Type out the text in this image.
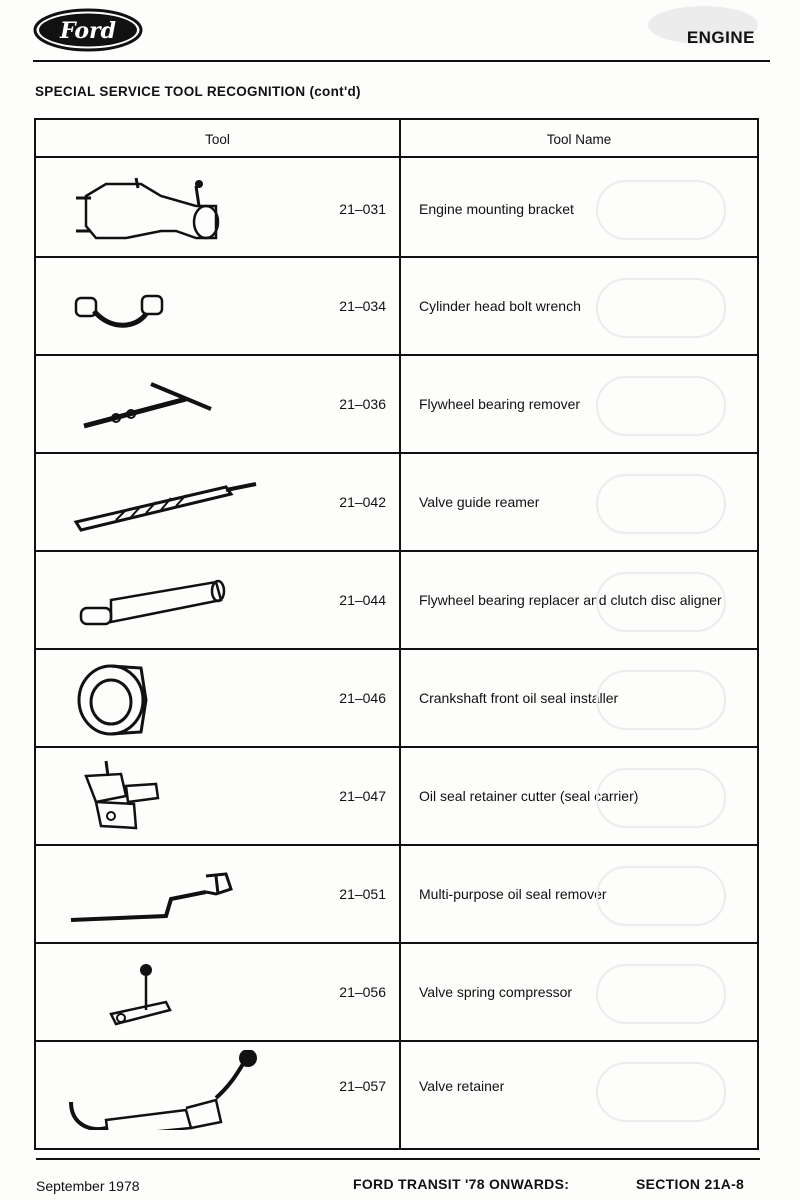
Ford	ENGINE
SPECIAL SERVICE TOOL RECOGNITION (cont'd)
Tool	Tool Name
21–031 Engine mounting bracket
21–034 Cylinder head bolt wrench
21–036 Flywheel bearing remover
21–042 Valve guide reamer
21–044 Flywheel bearing replacer and clutch disc aligner
21–046 Crankshaft front oil seal installer
21–047 Oil seal retainer cutter (seal carrier)
21–051 Multi-purpose oil seal remover
21–056 Valve spring compressor
21–057 Valve retainer
September 1978	FORD TRANSIT '78 ONWARDS:	SECTION 21A-8
